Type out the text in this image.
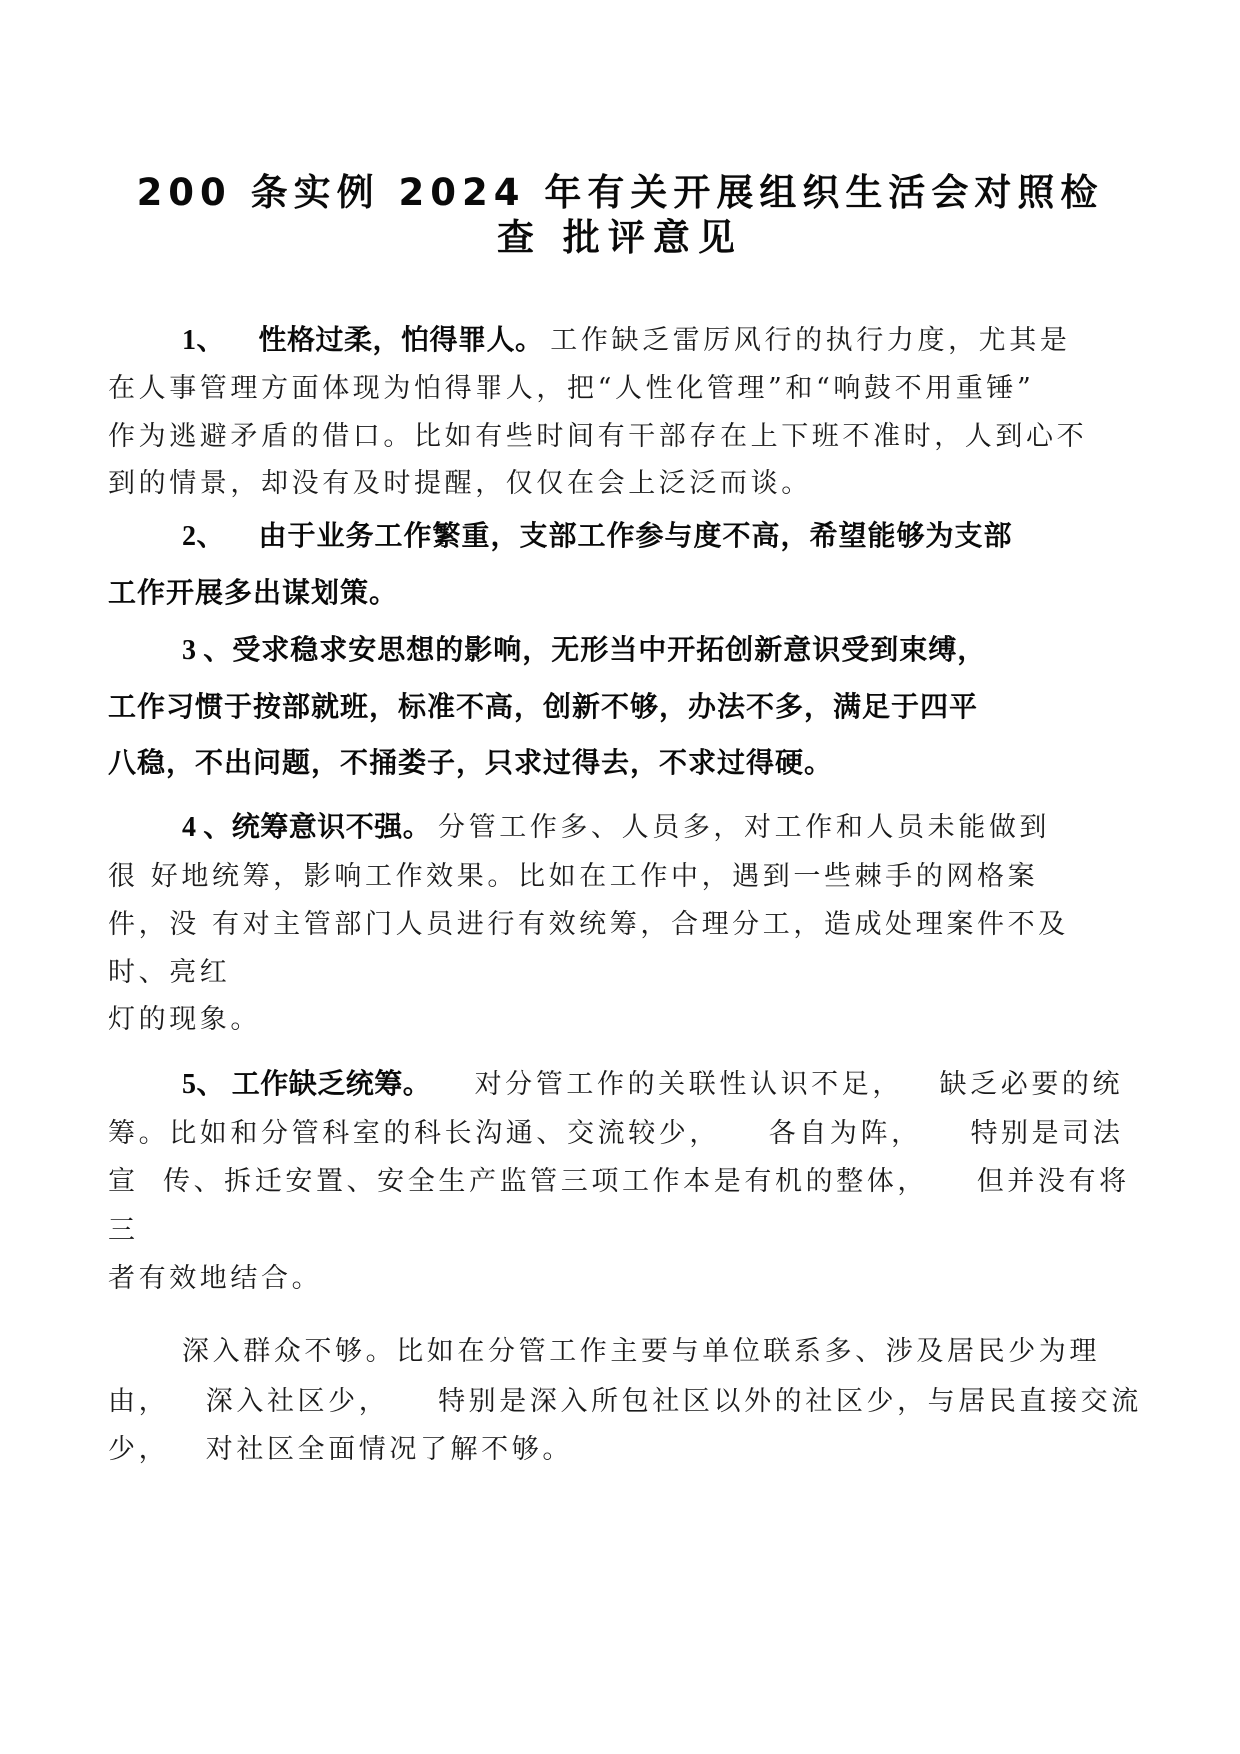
200 条实例 2024 年有关开展组织生活会对照检
查 批评意见
1、 性格过柔，怕得罪人。 工作缺乏雷厉风行的执行力度，尤其是
在人事管理方面体现为怕得罪人，把“人性化管理”和“响鼓不用重锤”
作为逃避矛盾的借口。比如有些时间有干部存在上下班不准时，人到心不
到的情景，却没有及时提醒，仅仅在会上泛泛而谈。
2、 由于业务工作繁重，支部工作参与度不高，希望能够为支部
工作开展多出谋划策。
3 、受求稳求安思想的影响，无形当中开拓创新意识受到束缚，
工作习惯于按部就班，标准不高，创新不够，办法不多，满足于四平
八稳，不出问题，不捅娄子，只求过得去，不求过得硬。
4 、统筹意识不强。 分管工作多、人员多，对工作和人员未能做到
很 好地统筹，影响工作效果。比如在工作中，遇到一些棘手的网格案
件，没 有对主管部门人员进行有效统筹，合理分工，造成处理案件不及
时、亮红
灯的现象。
5、 工作缺乏统筹。    对分管工作的关联性认识不足，   缺乏必要的统
筹。比如和分管科室的科长沟通、交流较少，    各自为阵，    特别是司法
宣  传、拆迁安置、安全生产监管三项工作本是有机的整体，    但并没有将
三
者有效地结合。
深入群众不够。比如在分管工作主要与单位联系多、涉及居民少为理
由，   深入社区少，    特别是深入所包社区以外的社区少，与居民直接交流
少，   对社区全面情况了解不够。
